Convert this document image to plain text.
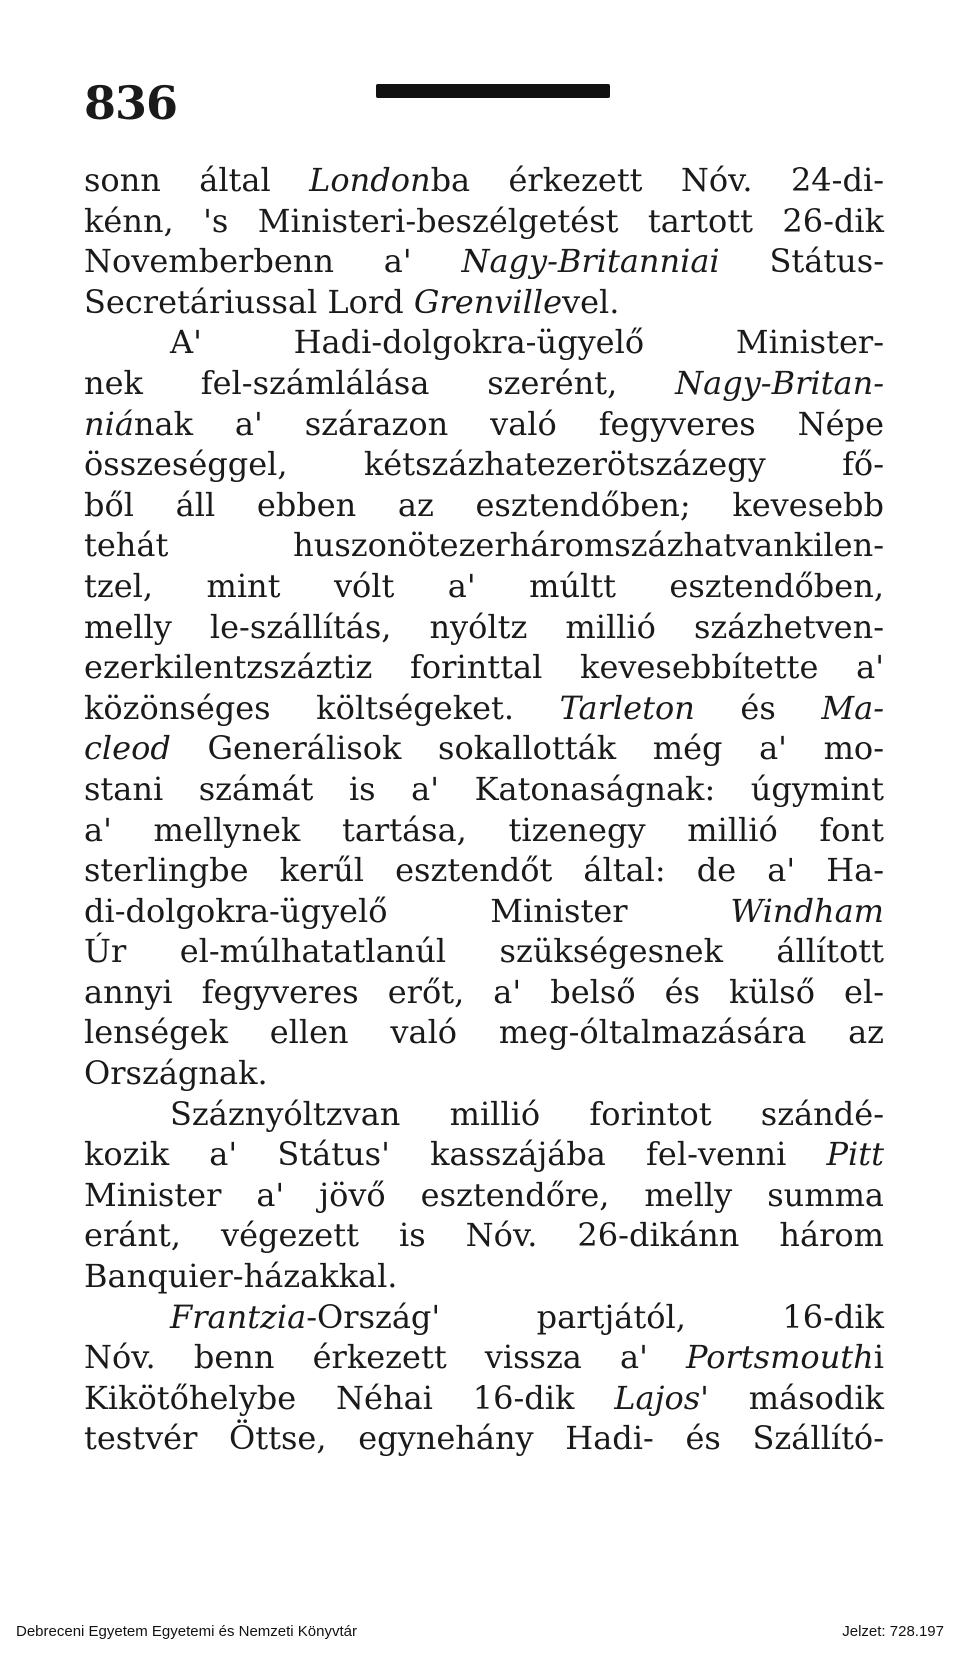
836
sonn által Londonba érkezett Nóv. 24-di-
kénn, 's Ministeri-beszélgetést tartott 26-dik
Novemberbenn a' Nagy-Britanniai Státus-
Secretáriussal Lord Grenvillevel.
A' Hadi-dolgokra-ügyelő Minister-
nek fel-számlálása szerént, Nagy-Britan-
niának a' szárazon való fegyveres Népe
összeséggel, kétszázhatezerötszázegy fő-
ből áll ebben az esztendőben; kevesebb
tehát huszonötezerháromszázhatvankilen-
tzel, mint vólt a' múltt esztendőben,
melly le-szállítás, nyóltz millió százhetven-
ezerkilentzszáztiz forinttal kevesebbítette a'
közönséges költségeket. Tarleton és Ma-
cleod Generálisok sokallották még a' mo-
stani számát is a' Katonaságnak: úgymint
a' mellynek tartása, tizenegy millió font
sterlingbe kerűl esztendőt által: de a' Ha-
di-dolgokra-ügyelő Minister Windham
Úr el-múlhatatlanúl szükségesnek állított
annyi fegyveres erőt, a' belső és külső el-
lenségek ellen való meg-óltalmazására az
Országnak.
Száznyóltzvan millió forintot szándé-
kozik a' Státus' kasszájába fel-venni Pitt
Minister a' jövő esztendőre, melly summa
eránt, végezett is Nóv. 26-dikánn három
Banquier-házakkal.
Frantzia-Ország' partjától, 16-dik
Nóv. benn érkezett vissza a' Portsmouthi
Kikötőhelybe Néhai 16-dik Lajos' második
testvér Öttse, egynehány Hadi- és Szállító-
Debreceni Egyetem Egyetemi és Nemzeti Könyvtár	Jelzet: 728.197
